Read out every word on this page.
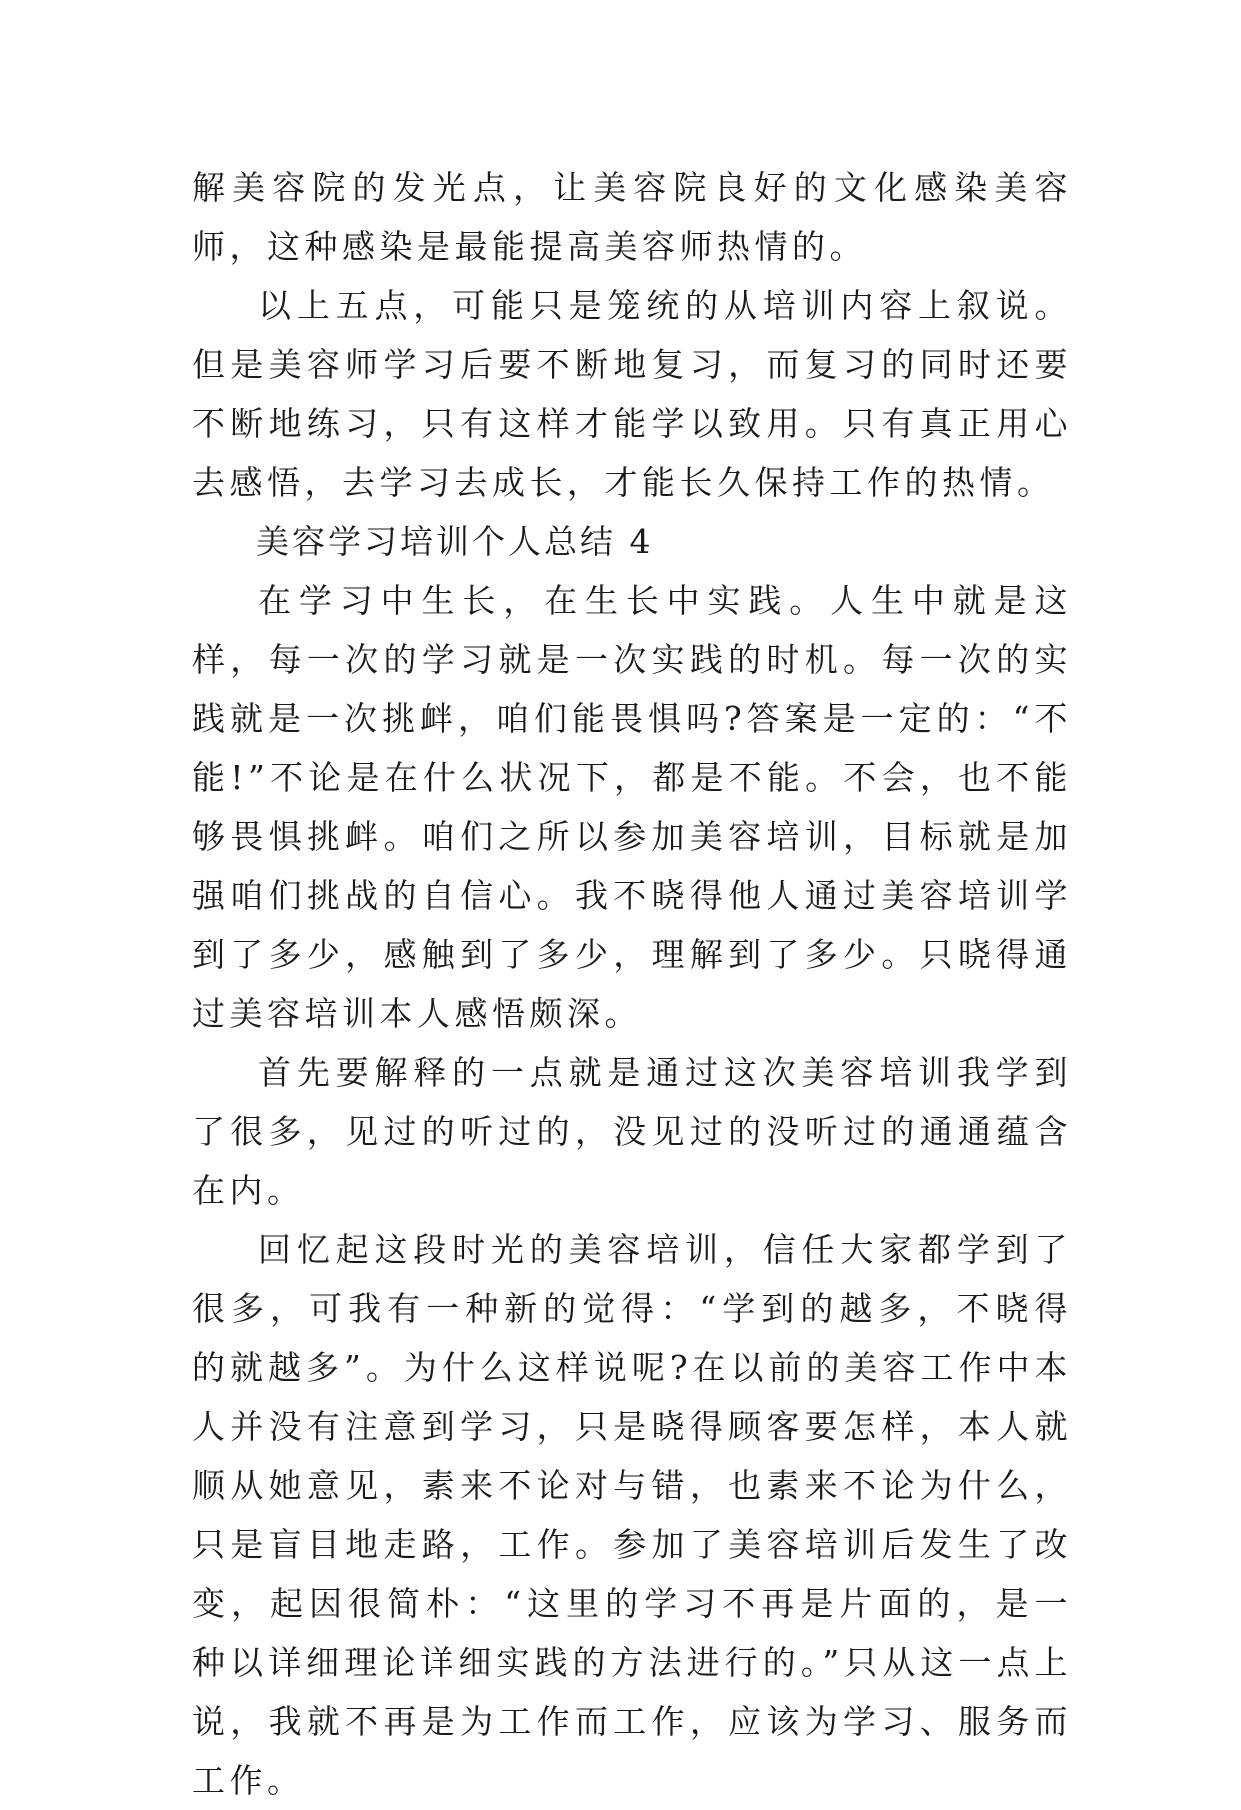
解美容院的发光点，让美容院良好的文化感染美容师，这种感染是最能提高美容师热情的。

以上五点，可能只是笼统的从培训内容上叙说。但是美容师学习后要不断地复习，而复习的同时还要不断地练习，只有这样才能学以致用。只有真正用心去感悟，去学习去成长，才能长久保持工作的热情。

美容学习培训个人总结 4

在学习中生长，在生长中实践。人生中就是这样，每一次的学习就是一次实践的时机。每一次的实践就是一次挑衅，咱们能畏惧吗?答案是一定的：“不能!”不论是在什么状况下，都是不能。不会，也不能够畏惧挑衅。咱们之所以参加美容培训，目标就是加强咱们挑战的自信心。我不晓得他人通过美容培训学到了多少，感触到了多少，理解到了多少。只晓得通过美容培训本人感悟颇深。

首先要解释的一点就是通过这次美容培训我学到了很多，见过的听过的，没见过的没听过的通通蕴含在内。

回忆起这段时光的美容培训，信任大家都学到了很多，可我有一种新的觉得：“学到的越多，不晓得的就越多”。为什么这样说呢?在以前的美容工作中本人并没有注意到学习，只是晓得顾客要怎样，本人就顺从她意见，素来不论对与错，也素来不论为什么，只是盲目地走路，工作。参加了美容培训后发生了改变，起因很简朴：“这里的学习不再是片面的，是一种以详细理论详细实践的方法进行的。”只从这一点上说，我就不再是为工作而工作，应该为学习、服务而工作。
